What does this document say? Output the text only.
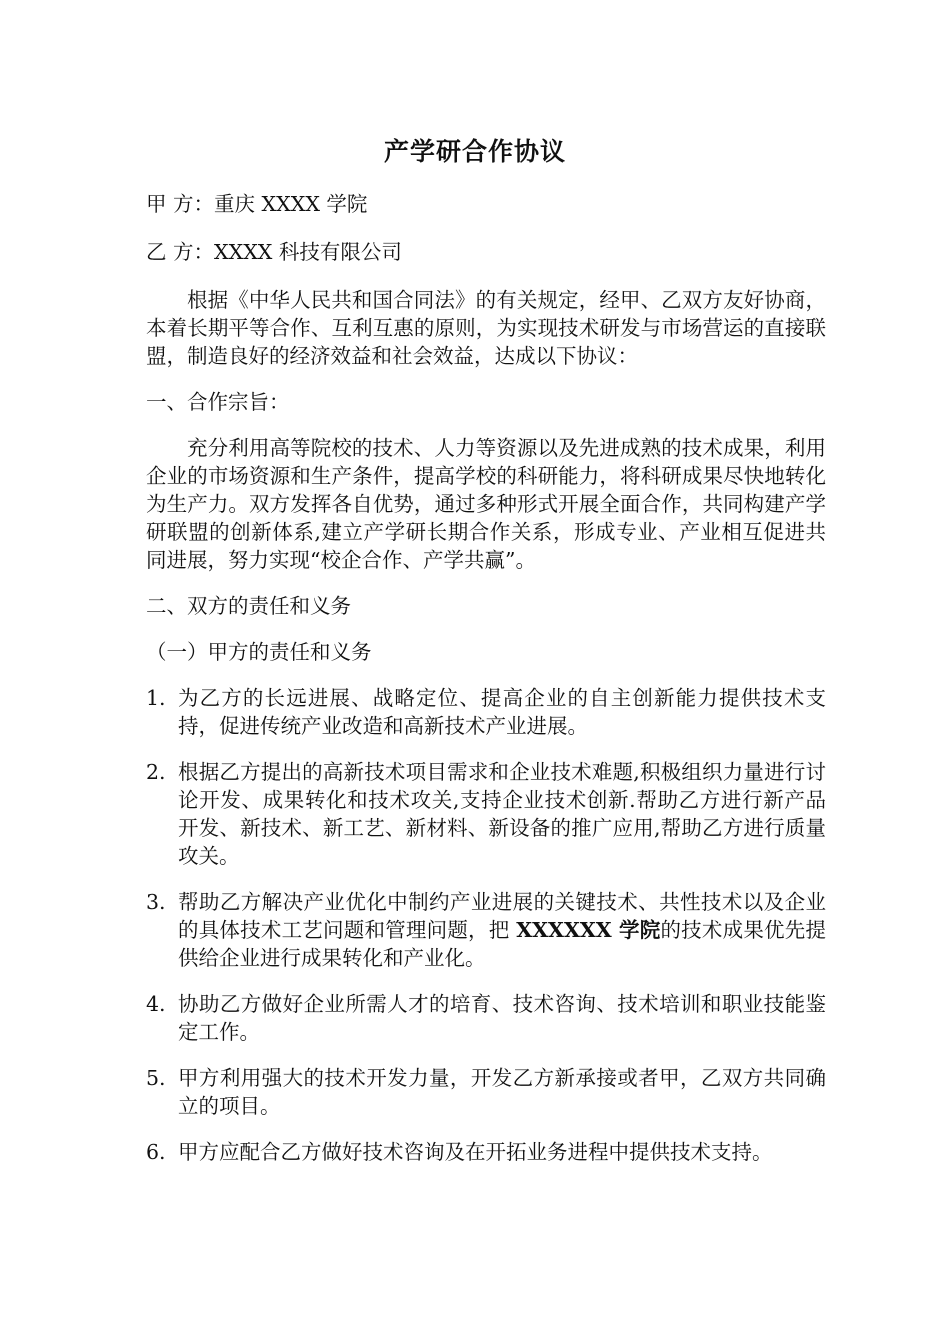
产学研合作协议

甲 方：重庆 XXXX 学院

乙 方：XXXX 科技有限公司

根据《中华人民共和国合同法》的有关规定，经甲、乙双方友好协商，本着长期平等合作、互利互惠的原则，为实现技术研发与市场营运的直接联盟，制造良好的经济效益和社会效益，达成以下协议：

一、合作宗旨：

充分利用高等院校的技术、人力等资源以及先进成熟的技术成果，利用企业的市场资源和生产条件，提高学校的科研能力，将科研成果尽快地转化为生产力。双方发挥各自优势，通过多种形式开展全面合作，共同构建产学研联盟的创新体系,建立产学研长期合作关系，形成专业、产业相互促进共同进展，努力实现“校企合作、产学共赢”。

二、双方的责任和义务

（一）甲方的责任和义务

1. 为乙方的长远进展、战略定位、提高企业的自主创新能力提供技术支持，促进传统产业改造和高新技术产业进展。
2. 根据乙方提出的高新技术项目需求和企业技术难题,积极组织力量进行讨论开发、成果转化和技术攻关,支持企业技术创新.帮助乙方进行新产品开发、新技术、新工艺、新材料、新设备的推广应用,帮助乙方进行质量攻关。
3. 帮助乙方解决产业优化中制约产业进展的关键技术、共性技术以及企业的具体技术工艺问题和管理问题，把 XXXXXX 学院的技术成果优先提供给企业进行成果转化和产业化。
4. 协助乙方做好企业所需人才的培育、技术咨询、技术培训和职业技能鉴定工作。
5. 甲方利用强大的技术开发力量，开发乙方新承接或者甲，乙双方共同确立的项目。
6. 甲方应配合乙方做好技术咨询及在开拓业务进程中提供技术支持。
